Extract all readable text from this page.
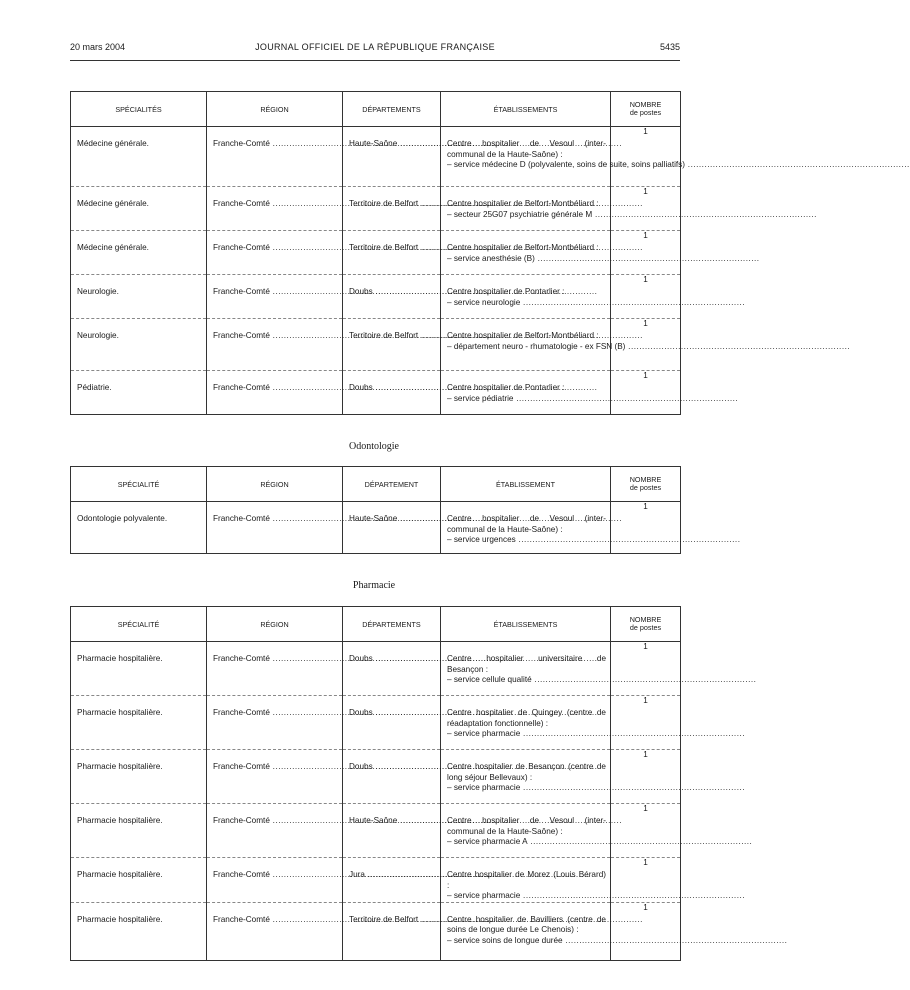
20 mars 2004	JOURNAL OFFICIEL DE LA RÉPUBLIQUE FRANÇAISE	5435
SPÉCIALITÉS	RÉGION	DÉPARTEMENTS	ÉTABLISSEMENTS	NOMBRE
de postes

Médecine générale.	Franche-Comté .....	Haute-Saône .....	Centre hospitalier de Vesoul (inter-communal de la Haute-Saône) :
– service médecine D (polyvalente, soins de suite, soins palliatifs) .....	1

Médecine générale.	Franche-Comté .....	Territoire de Belfort .....	Centre hospitalier de Belfort-Montbéliard :
– secteur 25G07 psychiatrie générale M .....	1

Médecine générale.	Franche-Comté .....	Territoire de Belfort .....	Centre hospitalier de Belfort-Montbéliard :
– service anesthésie (B) .....	1

Neurologie.	Franche-Comté .....	Doubs .....	Centre hospitalier de Pontarlier :
– service neurologie .....	1

Neurologie.	Franche-Comté .....	Territoire de Belfort .....	Centre hospitalier de Belfort-Montbéliard :
– département neuro - rhumatologie - ex FSN (B) .....	1

Pédiatrie.	Franche-Comté .....	Doubs .....	Centre hospitalier de Pontarlier :
– service pédiatrie .....	1
Odontologie
SPÉCIALITÉ	RÉGION	DÉPARTEMENT	ÉTABLISSEMENT	NOMBRE
de postes

Odontologie polyvalente.	Franche-Comté .....	Haute-Saône .....	Centre hospitalier de Vesoul (inter-communal de la Haute-Saône) :
– service urgences .....	1
Pharmacie
SPÉCIALITÉ	RÉGION	DÉPARTEMENTS	ÉTABLISSEMENTS	NOMBRE
de postes

Pharmacie hospitalière.	Franche-Comté .....	Doubs .....	Centre hospitalier universitaire de Besançon :
– service cellule qualité .....	1

Pharmacie hospitalière.	Franche-Comté .....	Doubs .....	Centre hospitalier de Quingey (centre de réadaptation fonctionnelle) :
– service pharmacie .....	1

Pharmacie hospitalière.	Franche-Comté .....	Doubs .....	Centre hospitalier de Besançon (centre de long séjour Bellevaux) :
– service pharmacie .....	1

Pharmacie hospitalière.	Franche-Comté .....	Haute-Saône .....	Centre hospitalier de Vesoul (inter-communal de la Haute-Saône) :
– service pharmacie A .....	1

Pharmacie hospitalière.	Franche-Comté .....	Jura .....	Centre hospitalier de Morez (Louis Bérard) :
– service pharmacie .....	1

Pharmacie hospitalière.	Franche-Comté .....	Territoire de Belfort .....	Centre hospitalier de Bavilliers (centre de soins de longue durée Le Chenois) :
– service soins de longue durée .....	1
